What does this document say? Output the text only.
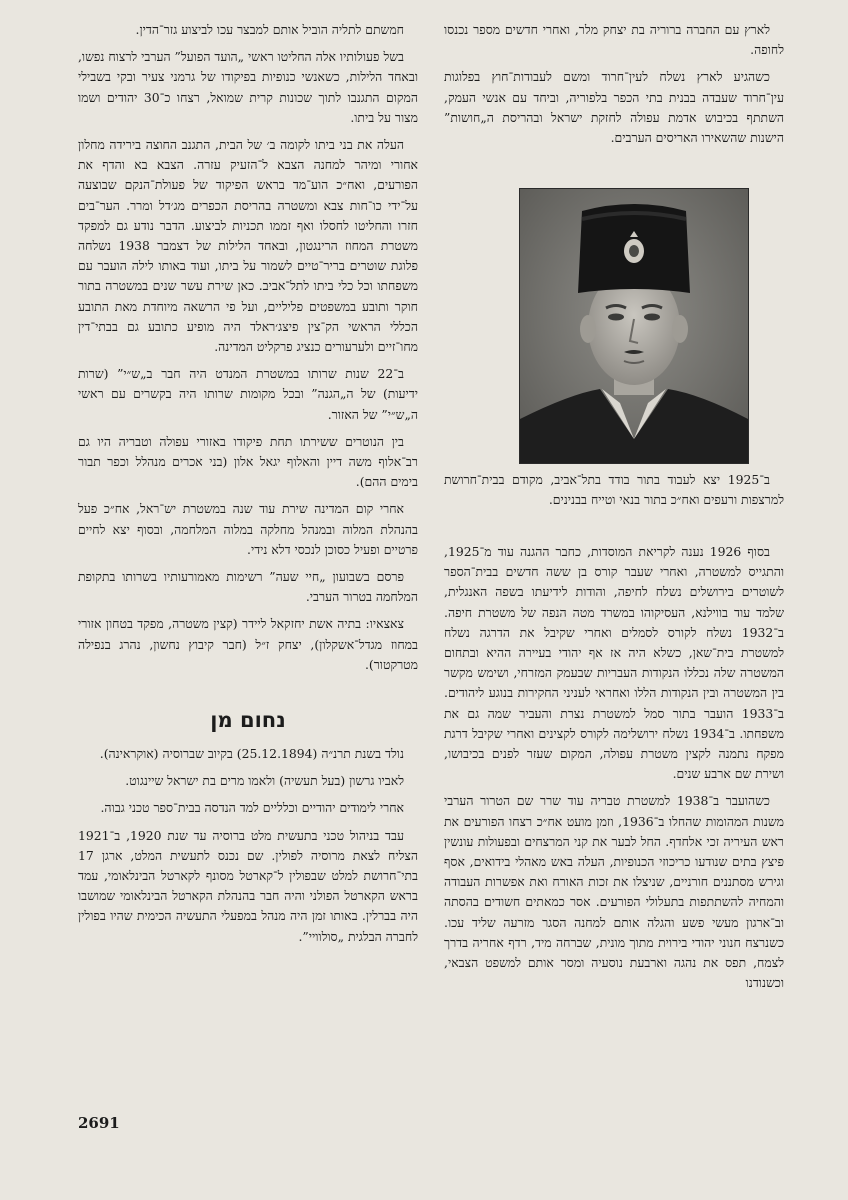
לארץ עם החברה ברוריה בת יצחק מלר, ואחרי חדשים מספר נכנסו לחופה.

כשהגיע לארץ נשלח לעין־חרוד ומשם לעבודות־חוץ בפלוגות עין־חרוד שעבדה בבנית בתי הכפר בלפוריה, וביחד עם אנשי העמק, השתתף בכיבוש אדמת עפולה לחזקת ישראל ובהריסת ה„חושות” הישנות שהשאירו האריסים הערבים.

ב־1925 יצא לעבוד בתור בודד בתל־אביב, מקודם בבית־חרושת למרצפות ורעפים ואח״כ בתור בנאי וטייח בבנינים.

בסוף 1926 נענה לקריאת המוסדות, כחבר ההגנה עוד מ־1925, והתגייס למשטרה, ואחרי שעבר קורס בן ששה חדשים בבית־הספר לשוטרים בירושלים נשלח לחיפה, והודות לידיעתו בשפה האנגלית, שלמד עוד בווילנא, העסיקוהו במשרד מטה הנפה של משטרת חיפה. ב־1932 נשלח לקורס לסמלים ואחרי שקיבל את הדרגה נשלח למשטרת בית־שאן, כשלא היה אז אף יהודי בעיירה ההיא ובתחום המשטרה שלה נכללו הנקודות העבריות שבעמק המזרחי, ושימש מקשר בין המשטרה ובין הנקודות הללו ואחראי לעניני החקירות בנוגע ליהודים. ב־1933 הועבר בתור סמל למשטרת נצרת והעביר שמה גם את משפחתו. ב־1934 נשלח ירושלימה לקורס לקצינים ואחרי שקיבל דרגת מפקח נתמנה לקצין משטרת עפולה, המקום שעזר לפנים בכיבושו, ושירת שם ארבע שנים.

כשהועבר ב־1938 למשטרת טבריה עוד שרר שם הטרור הערבי משנות המהומות שהחלו ב־1936, וזמן מועט אח״כ רצחו הפורעים את ראש העיריה זכי אלחדף. החל לבער את קני המרצחים ובפעולות עונשין פיצץ בתים שנודעו כריכוזי הכנופיות, העלה באש מאהלי בידואים, אסף וגירש מסתננים חורניים, שניצלו את זכות האורח ואת אפשרות העבודה והמחיה להשתתפות בתעלולי הפורעים. אסר כמאתים חשודים בהסתה וב־ארגון מעשי פשע והגלה אותם למחנה הסגר מזרעה שליד עכו. כשנרצח חנוני יהודי בירוית מתוך מונית, שברחה מיד, רדף אחריה בדרך לצמח, תפס את נהגה וארבעת נוסעיה ומסר אותם למשפט הצבאי, וכשנודנו

חמשתם לתליה הוביל אותם למבצר עכו לביצוע גזר־הדין.

בשל פעולותיו אלה החליטו ראשי „הועד הפועל” הערבי לרצוח נפשו, ובאחד הלילות, כשאנשי כנופיות בפיקודו של גרמני צעיר ובקי בשבילי המקום התגנבו לתוך שכונות קרית שמואל, רצחו כ־30 יהודים ושמו מצור על ביתו.

העלה את בני ביתו לקומה ב׳ של הבית, התגנב החוצה בירידה מחלון אחורי ומיהר למחנה הצבא ל־הזעיק עזרה. הצבא בא והדף את הפורעים, ואח״כ הוע־מד בראש הפיקוד של פעולת־הנקם שבוצעה על־ידי כו־חות צבא ומשטרה בהריסת הכפרים מג׳דל ומרר. הער־בים חזרו והחליטו לחסלו ואף זממו תכניות לביצוע. הדבר נודע גם למפקד משטרת המחוז הרינגטון, ובאחד הלילות של דצמבר 1938 נשלחה פלוגת שוטרים בריר־טיים לשמור על ביתו, ועוד באותו לילה הועבר עם משפחתו וכל כלי ביתו לתל־אביב. כאן שירת עשר שנים במשטרה בתור חוקר ותובע במשפטים פליליים, ועל פי הרשאה מיוחדת מאת התובע הכללי הראשי הק־צין פיצג׳ראלד היה מופיע כתובע גם בבתי־דין מחו־זיים ולערעורים כנציג פרקליט המדינה.

ב־22 שנות שרותו במשטרת המנדט היה חבר ב„ש״י” (שרות ידיעות) של ה„הגנה” ובכל מקומות שרותו היה בקשרים עם ראשי ה„ש״י” של האזור.

בין הנוטרים ששירתו תחת פיקודו באזורי עפולה וטבריה היו גם רב־אלוף משה דיין והאלוף יגאל אלון (בני אכרים מנהלל וכפר תבור בימים ההם).

אחרי קום המדינה שירת עוד שנה במשטרת יש־ראל, אח״כ פעל בהנהלת המלוה ובמנהל מחלקה במלוה המלחמה, ובסוף יצא לחיים פרטיים ופעיל כסוכן לנכסי דלא נידי.

פרסם בשבועון „חיי שעה” רשימות מאמורעותיו בשרותו בתקופת המלחמה בטרור הערבי.

צאצאיו: בתיה אשת יחזקאל ליידר (קצין משטרה, מפקד בטחון אזורי במחוז מגדל־אשקלון), יצחק ז״ל (חבר קיבוץ נחשון, נהרג בנפילה מטרקטור).

נחום מן

נולד בשנת תרנ״ה (25.12.1894) בקיוב שברוסיה (אוקראינה).

לאביו גרשון (בעל תעשיה) ולאמו מרים בת ישראל שיינגוט.

אחרי לימודים יהודיים וכלליים למד הנדסה בבית־ספר טכני גבוה.

עבד בניהול טכני בתעשית מלט ברוסיה עד שנת 1920, ב־1921 הצליח לצאת מרוסיה לפולין. שם נכנס לתעשית המלט, ארגן 17 בתי־חרושת למלט שבפולין ל־קארטל מסונף לקארטל הבינלאומי, עמד בראש הקארטל הפולני והיה חבר בהנהלת הקארטל הבינלאומי שמושבו היה בברלין. באותו זמן היה מנהל במפעלי התעשיה הכימית שהיו בפולין לחברה הבלגית „סולוויי”.

2691
